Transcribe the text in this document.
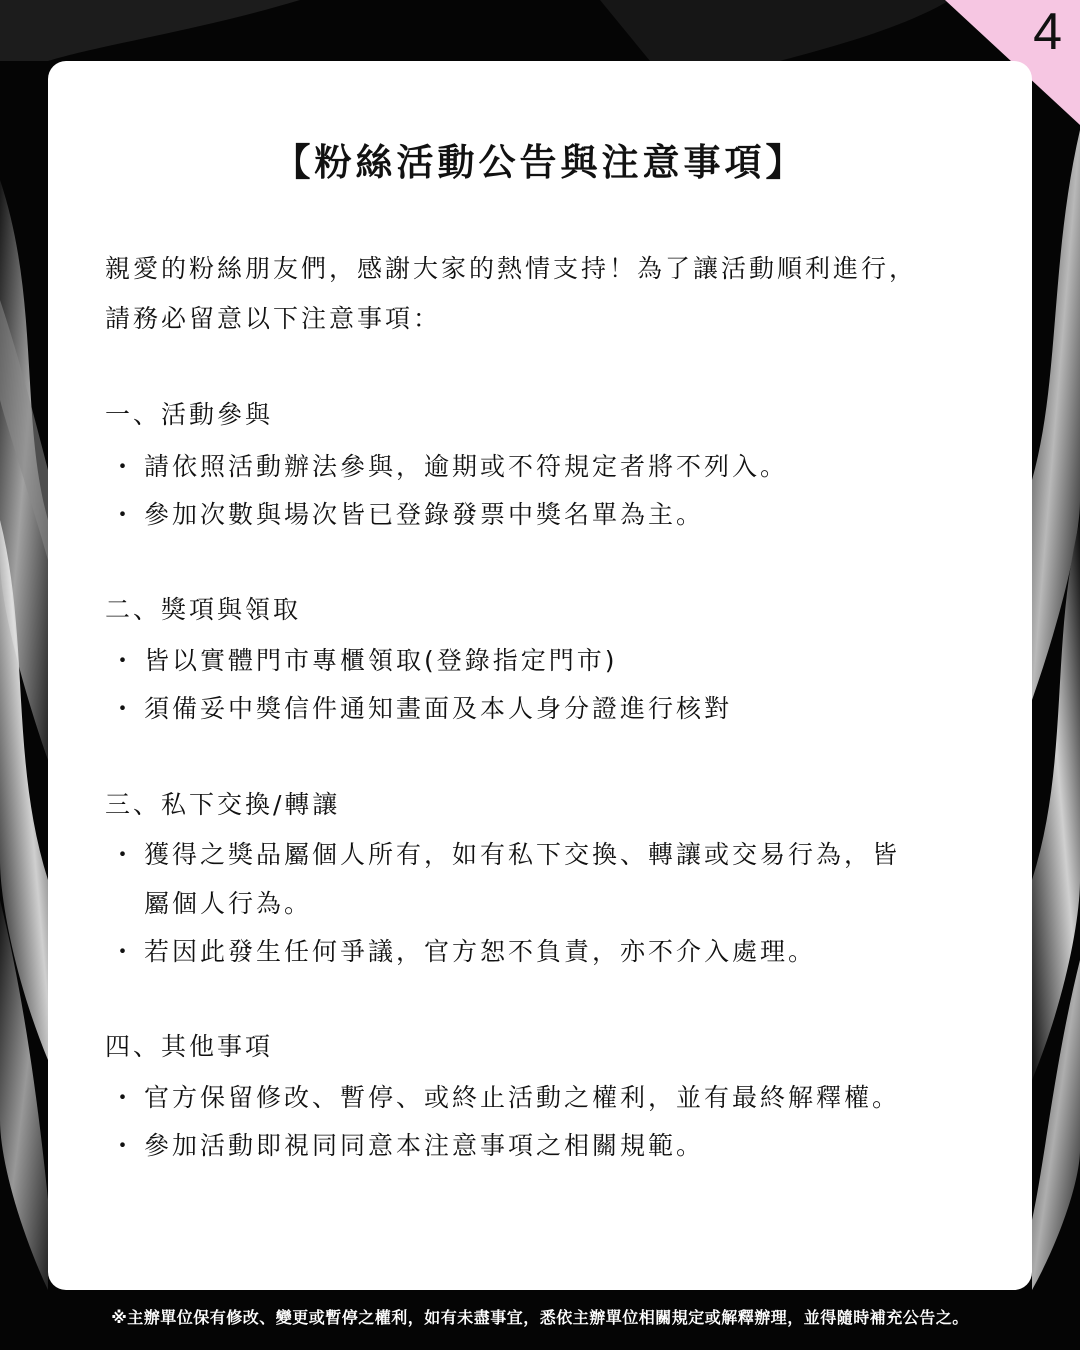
4
【粉絲活動公告與注意事項】
親愛的粉絲朋友們，感謝大家的熱情支持！為了讓活動順利進行，
請務必留意以下注意事項：
一、活動參與
・ 請依照活動辦法參與，逾期或不符規定者將不列入。
・ 參加次數與場次皆已登錄發票中獎名單為主。
二、獎項與領取
・ 皆以實體門市專櫃領取(登錄指定門市)
・ 須備妥中獎信件通知畫面及本人身分證進行核對
三、私下交換/轉讓
・ 獲得之獎品屬個人所有，如有私下交換、轉讓或交易行為，皆
屬個人行為。
・ 若因此發生任何爭議，官方恕不負責，亦不介入處理。
四、其他事項
・ 官方保留修改、暫停、或終止活動之權利，並有最終解釋權。
・ 參加活動即視同同意本注意事項之相關規範。
※主辦單位保有修改、變更或暫停之權利，如有未盡事宜，悉依主辦單位相關規定或解釋辦理，並得隨時補充公告之。
